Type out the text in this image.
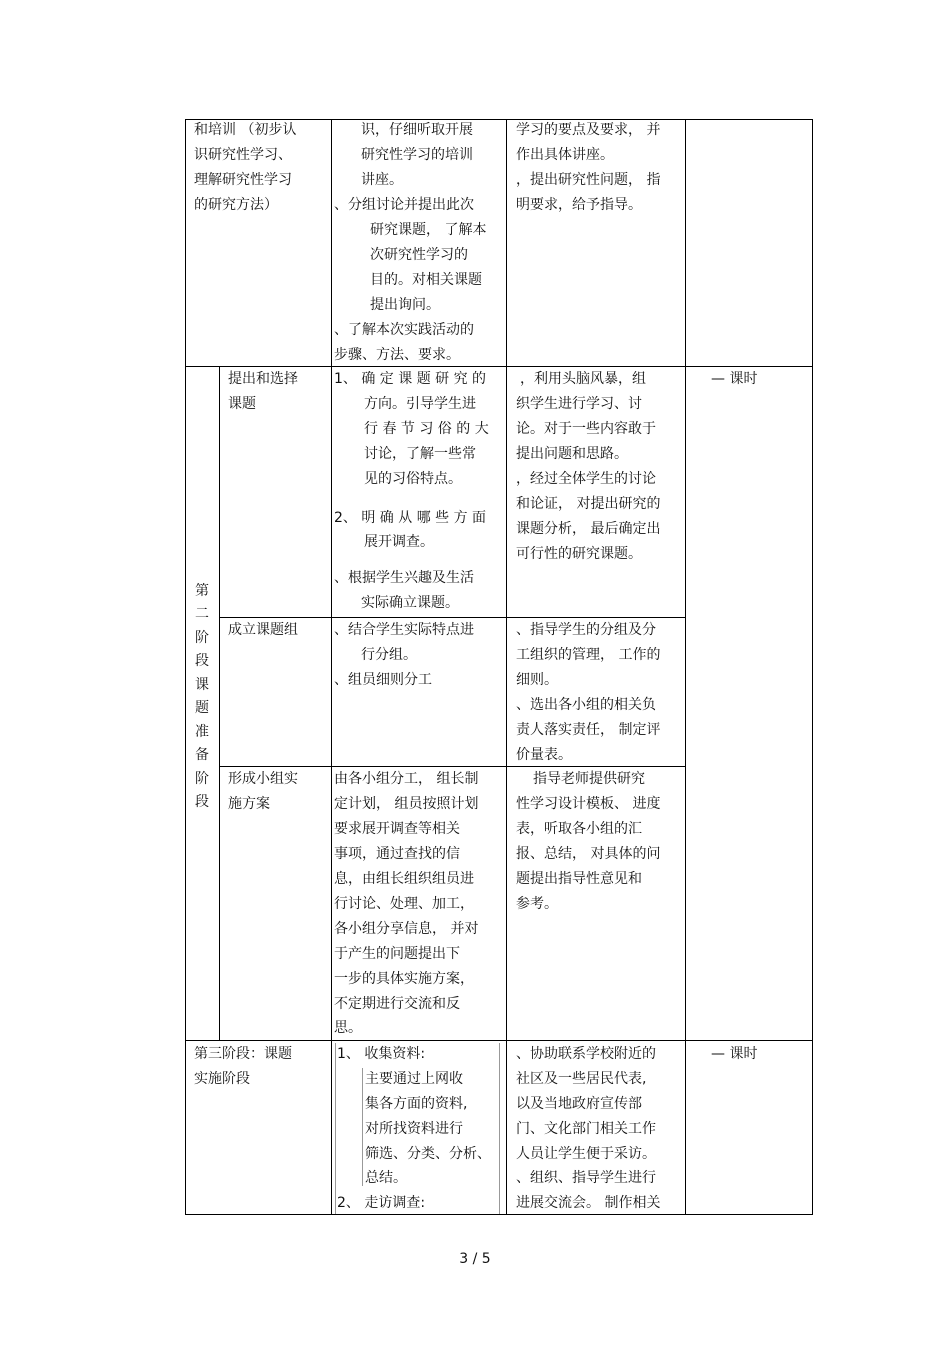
和培训 （初步认
识研究性学习、
理解研究性学习
的研究方法）
识，仔细听取开展
研究性学习的培训
讲座。
、分组讨论并提出此次
研究课题， 了解本
次研究性学习的
目的。对相关课题
提出询问。
、了解本次实践活动的
步骤、方法、要求。
学习的要点及要求， 并
作出具体讲座。
，提出研究性问题， 指
明要求，给予指导。
第
二
阶
段
课
题
准
备
阶
段
— 课时
提出和选择
课题
1、 确 定 课 题 研 究 的
方向。引导学生进
行 春 节 习 俗 的 大
讨论，了解一些常
见的习俗特点。
2、 明 确 从 哪 些 方 面
展开调查。
、根据学生兴趣及生活
实际确立课题。
，利用头脑风暴，组
织学生进行学习、讨
论。对于一些内容敢于
提出问题和思路。
，经过全体学生的讨论
和论证， 对提出研究的
课题分析， 最后确定出
可行性的研究课题。
成立课题组	、结合学生实际特点进
行分组。
、组员细则分工
、指导学生的分组及分
工组织的管理， 工作的
细则。
、选出各小组的相关负
责人落实责任， 制定评
价量表。
形成小组实
施方案
由各小组分工， 组长制
定计划， 组员按照计划
要求展开调查等相关
事项，通过查找的信
息，由组长组织组员进
行讨论、处理、加工，
各小组分享信息， 并对
于产生的问题提出下
一步的具体实施方案，
不定期进行交流和反
思。
指导老师提供研究
性学习设计模板、 进度
表，听取各小组的汇
报、总结， 对具体的问
题提出指导性意见和
参考。
第三阶段：课题
实施阶段
1、 收集资料:
主要通过上网收
集各方面的资料,
对所找资料进行
筛选、分类、分析、
总结。
2、 走访调查:
、协助联系学校附近的
社区及一些居民代表,
以及当地政府宣传部
门、文化部门相关工作
人员让学生便于采访。
、组织、指导学生进行
进展交流会。 制作相关
— 课时
3 / 5
